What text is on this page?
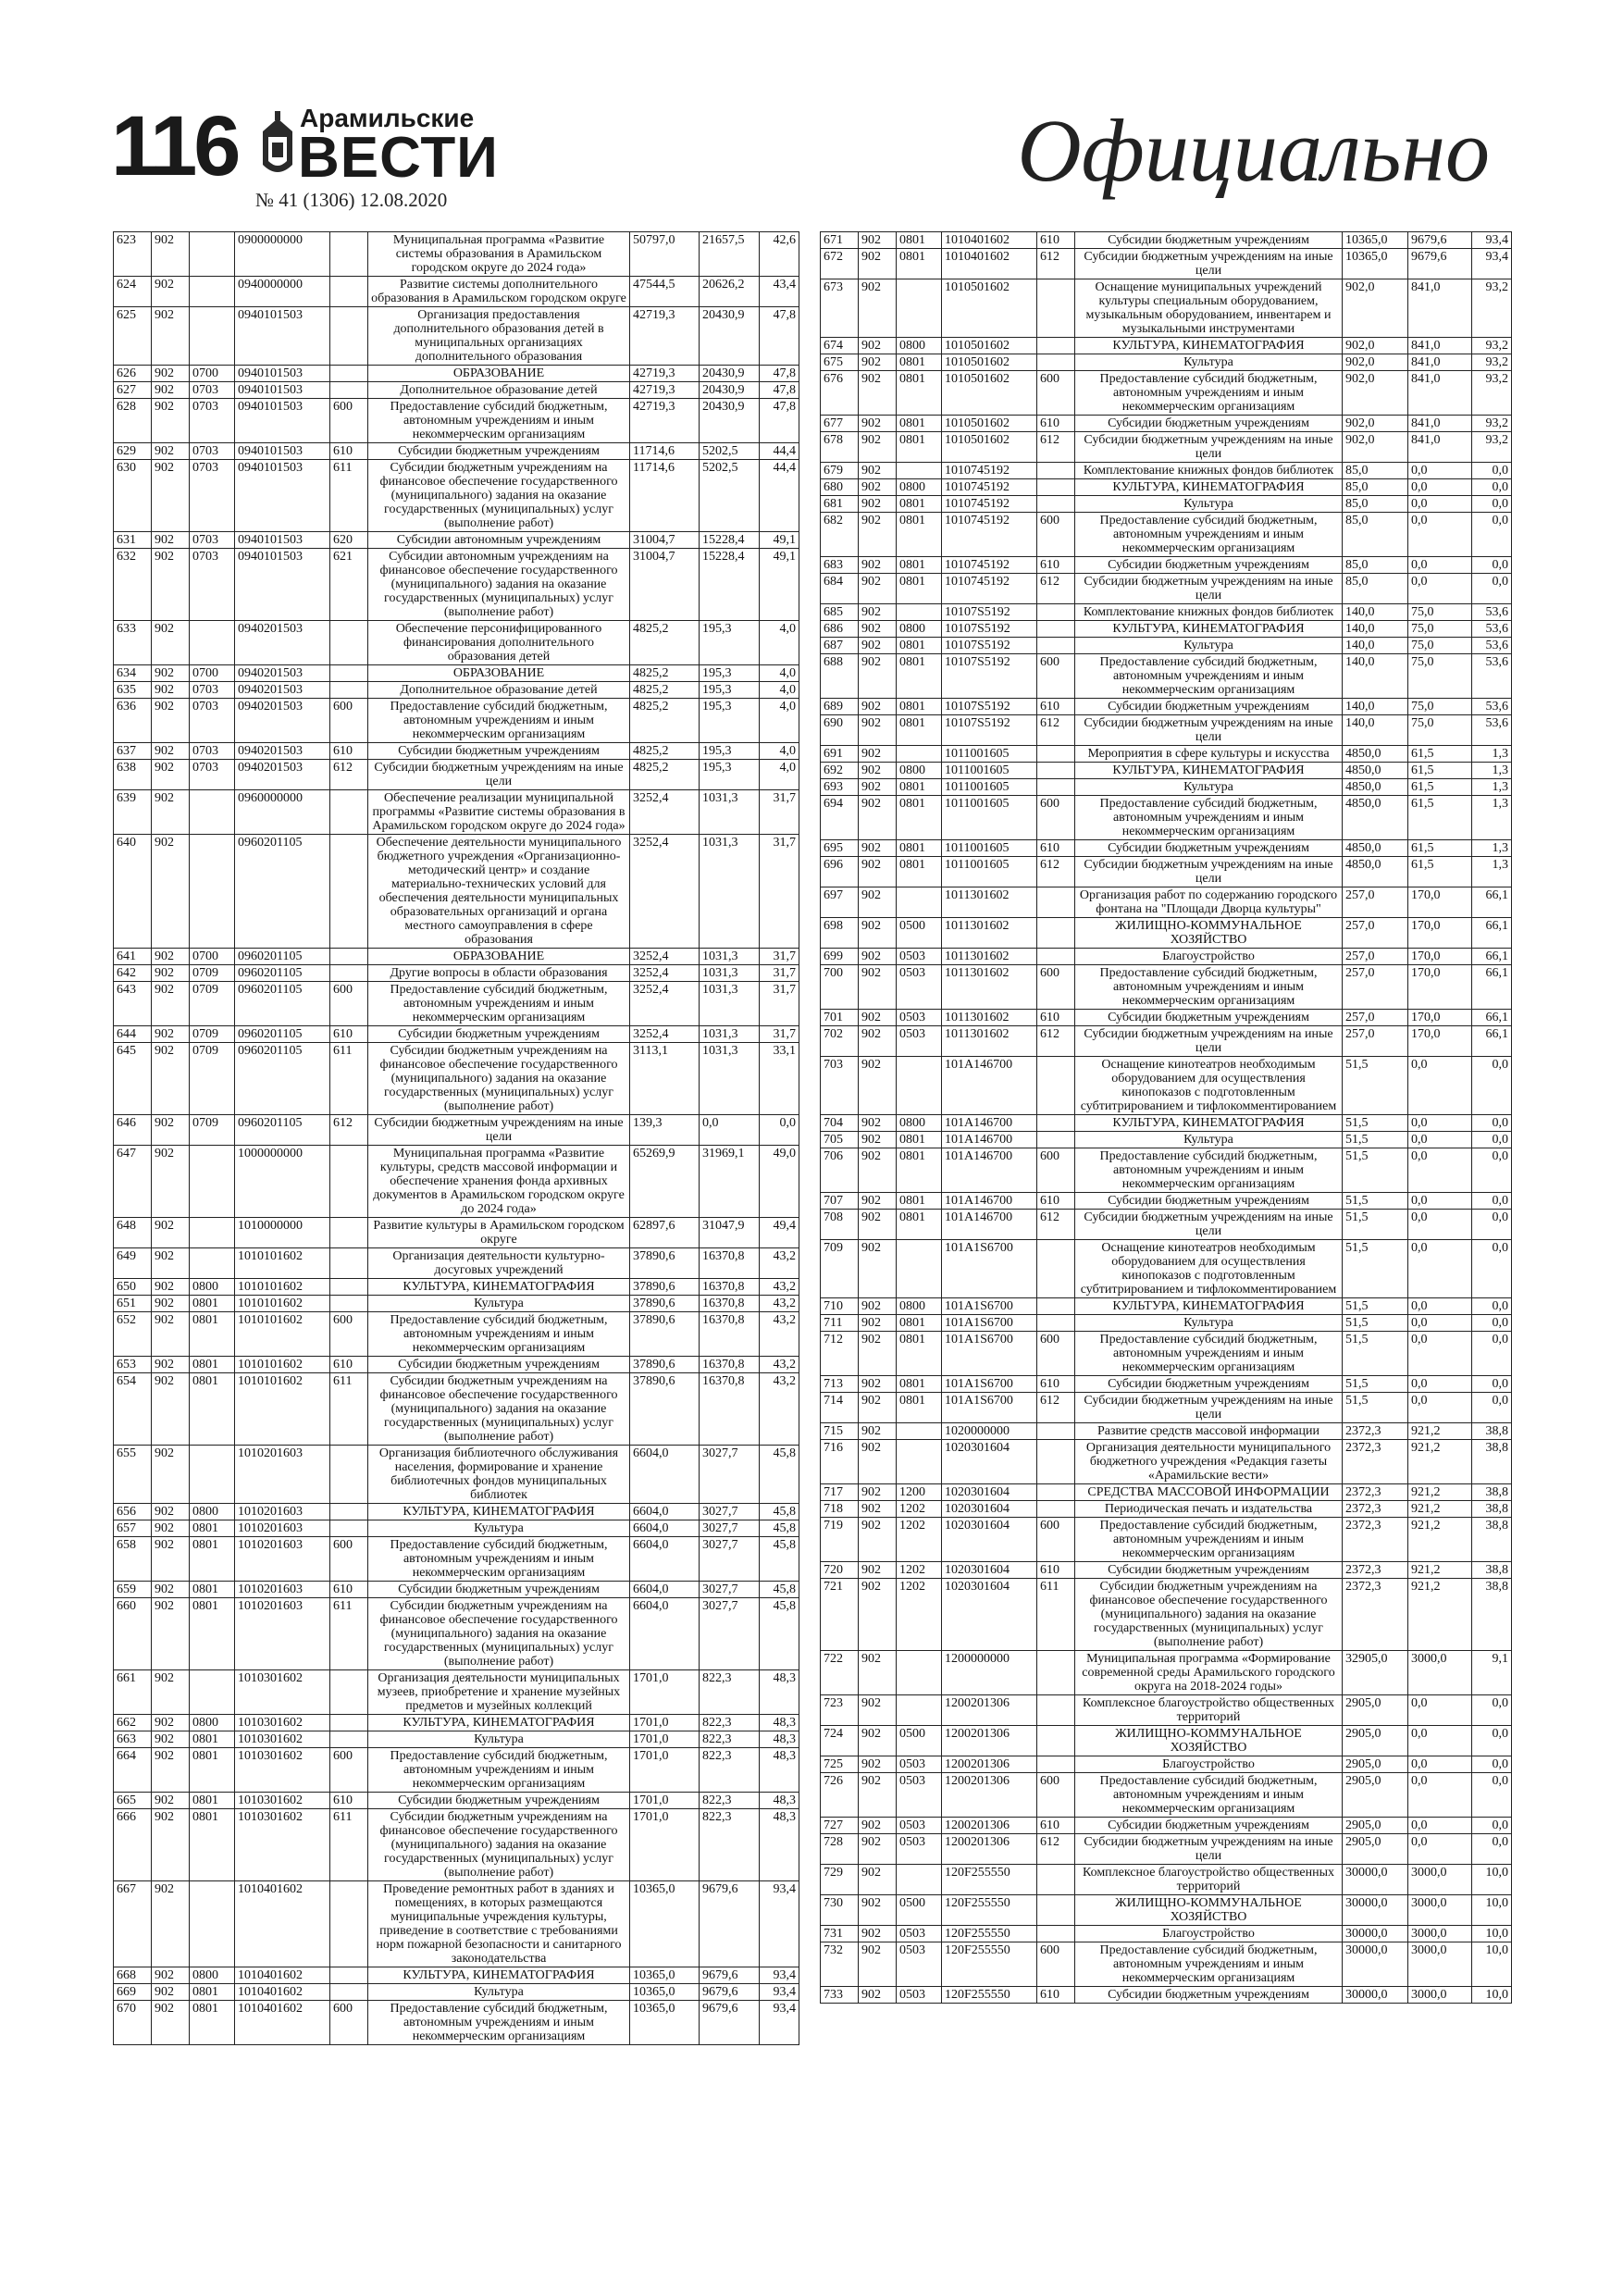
116 Арамильские
ВЕСТИ
№ 41 (1306) 12.08.2020	Официально
623	902		0900000000		Муниципальная программа «Развитие системы образования в Арамильском городском округе до 2024 года»	50797,0	21657,5	42,6
624	902		0940000000		Развитие системы дополнительного образования в Арамильском городском округе	47544,5	20626,2	43,4
625	902		0940101503		Организация предоставления дополнительного образования детей в муниципальных организациях дополнительного образования	42719,3	20430,9	47,8
626	902	0700	0940101503		ОБРАЗОВАНИЕ	42719,3	20430,9	47,8
627	902	0703	0940101503		Дополнительное образование детей	42719,3	20430,9	47,8
628	902	0703	0940101503	600	Предоставление субсидий бюджетным, автономным учреждениям и иным некоммерческим организациям	42719,3	20430,9	47,8
629	902	0703	0940101503	610	Субсидии бюджетным учреждениям	11714,6	5202,5	44,4
630	902	0703	0940101503	611	Субсидии бюджетным учреждениям на финансовое обеспечение государственного (муниципального) задания на оказание государственных (муниципальных) услуг (выполнение работ)	11714,6	5202,5	44,4
631	902	0703	0940101503	620	Субсидии автономным учреждениям	31004,7	15228,4	49,1
632	902	0703	0940101503	621	Субсидии автономным учреждениям на финансовое обеспечение государственного (муниципального) задания на оказание государственных (муниципальных) услуг (выполнение работ)	31004,7	15228,4	49,1
633	902		0940201503		Обеспечение персонифицированного финансирования дополнительного образования детей	4825,2	195,3	4,0
634	902	0700	0940201503		ОБРАЗОВАНИЕ	4825,2	195,3	4,0
635	902	0703	0940201503		Дополнительное образование детей	4825,2	195,3	4,0
636	902	0703	0940201503	600	Предоставление субсидий бюджетным, автономным учреждениям и иным некоммерческим организациям	4825,2	195,3	4,0
637	902	0703	0940201503	610	Субсидии бюджетным учреждениям	4825,2	195,3	4,0
638	902	0703	0940201503	612	Субсидии бюджетным учреждениям на иные цели	4825,2	195,3	4,0
639	902		0960000000		Обеспечение реализации муниципальной программы «Развитие системы образования в Арамильском городском округе до 2024 года»	3252,4	1031,3	31,7
640	902		0960201105		Обеспечение деятельности муниципального бюджетного учреждения «Организационно-методический центр» и создание материально-технических условий для обеспечения деятельности муниципальных образовательных организаций и органа местного самоуправления в сфере образования	3252,4	1031,3	31,7
641	902	0700	0960201105		ОБРАЗОВАНИЕ	3252,4	1031,3	31,7
642	902	0709	0960201105		Другие вопросы в области образования	3252,4	1031,3	31,7
643	902	0709	0960201105	600	Предоставление субсидий бюджетным, автономным учреждениям и иным некоммерческим организациям	3252,4	1031,3	31,7
644	902	0709	0960201105	610	Субсидии бюджетным учреждениям	3252,4	1031,3	31,7
645	902	0709	0960201105	611	Субсидии бюджетным учреждениям на финансовое обеспечение государственного (муниципального) задания на оказание государственных (муниципальных) услуг (выполнение работ)	3113,1	1031,3	33,1
646	902	0709	0960201105	612	Субсидии бюджетным учреждениям на иные цели	139,3	0,0	0,0
647	902		1000000000		Муниципальная программа «Развитие культуры, средств массовой информации и обеспечение хранения фонда архивных документов в Арамильском городском округе до 2024 года»	65269,9	31969,1	49,0
648	902		1010000000		Развитие культуры в Арамильском городском округе	62897,6	31047,9	49,4
649	902		1010101602		Организация деятельности культурно-досуговых учреждений	37890,6	16370,8	43,2
650	902	0800	1010101602		КУЛЬТУРА, КИНЕМАТОГРАФИЯ	37890,6	16370,8	43,2
651	902	0801	1010101602		Культура	37890,6	16370,8	43,2
652	902	0801	1010101602	600	Предоставление субсидий бюджетным, автономным учреждениям и иным некоммерческим организациям	37890,6	16370,8	43,2
653	902	0801	1010101602	610	Субсидии бюджетным учреждениям	37890,6	16370,8	43,2
654	902	0801	1010101602	611	Субсидии бюджетным учреждениям на финансовое обеспечение государственного (муниципального) задания на оказание государственных (муниципальных) услуг (выполнение работ)	37890,6	16370,8	43,2
655	902		1010201603		Организация библиотечного обслуживания населения, формирование и хранение библиотечных фондов муниципальных библиотек	6604,0	3027,7	45,8
656	902	0800	1010201603		КУЛЬТУРА, КИНЕМАТОГРАФИЯ	6604,0	3027,7	45,8
657	902	0801	1010201603		Культура	6604,0	3027,7	45,8
658	902	0801	1010201603	600	Предоставление субсидий бюджетным, автономным учреждениям и иным некоммерческим организациям	6604,0	3027,7	45,8
659	902	0801	1010201603	610	Субсидии бюджетным учреждениям	6604,0	3027,7	45,8
660	902	0801	1010201603	611	Субсидии бюджетным учреждениям на финансовое обеспечение государственного (муниципального) задания на оказание государственных (муниципальных) услуг (выполнение работ)	6604,0	3027,7	45,8
661	902		1010301602		Организация деятельности муниципальных музеев, приобретение и хранение музейных предметов и музейных коллекций	1701,0	822,3	48,3
662	902	0800	1010301602		КУЛЬТУРА, КИНЕМАТОГРАФИЯ	1701,0	822,3	48,3
663	902	0801	1010301602		Культура	1701,0	822,3	48,3
664	902	0801	1010301602	600	Предоставление субсидий бюджетным, автономным учреждениям и иным некоммерческим организациям	1701,0	822,3	48,3
665	902	0801	1010301602	610	Субсидии бюджетным учреждениям	1701,0	822,3	48,3
666	902	0801	1010301602	611	Субсидии бюджетным учреждениям на финансовое обеспечение государственного (муниципального) задания на оказание государственных (муниципальных) услуг (выполнение работ)	1701,0	822,3	48,3
667	902		1010401602		Проведение ремонтных работ в зданиях и помещениях, в которых размещаются муниципальные учреждения культуры, приведение в соответствие с требованиями норм пожарной безопасности и санитарного законодательства	10365,0	9679,6	93,4
668	902	0800	1010401602		КУЛЬТУРА, КИНЕМАТОГРАФИЯ	10365,0	9679,6	93,4
669	902	0801	1010401602		Культура	10365,0	9679,6	93,4
670	902	0801	1010401602	600	Предоставление субсидий бюджетным, автономным учреждениям и иным некоммерческим организациям	10365,0	9679,6	93,4
671	902	0801	1010401602	610	Субсидии бюджетным учреждениям	10365,0	9679,6	93,4
672	902	0801	1010401602	612	Субсидии бюджетным учреждениям на иные цели	10365,0	9679,6	93,4
673	902		1010501602		Оснащение муниципальных учреждений культуры специальным оборудованием, музыкальным оборудованием, инвентарем и музыкальными инструментами	902,0	841,0	93,2
674	902	0800	1010501602		КУЛЬТУРА, КИНЕМАТОГРАФИЯ	902,0	841,0	93,2
675	902	0801	1010501602		Культура	902,0	841,0	93,2
676	902	0801	1010501602	600	Предоставление субсидий бюджетным, автономным учреждениям и иным некоммерческим организациям	902,0	841,0	93,2
677	902	0801	1010501602	610	Субсидии бюджетным учреждениям	902,0	841,0	93,2
678	902	0801	1010501602	612	Субсидии бюджетным учреждениям на иные цели	902,0	841,0	93,2
679	902		1010745192		Комплектование книжных фондов библиотек	85,0	0,0	0,0
680	902	0800	1010745192		КУЛЬТУРА, КИНЕМАТОГРАФИЯ	85,0	0,0	0,0
681	902	0801	1010745192		Культура	85,0	0,0	0,0
682	902	0801	1010745192	600	Предоставление субсидий бюджетным, автономным учреждениям и иным некоммерческим организациям	85,0	0,0	0,0
683	902	0801	1010745192	610	Субсидии бюджетным учреждениям	85,0	0,0	0,0
684	902	0801	1010745192	612	Субсидии бюджетным учреждениям на иные цели	85,0	0,0	0,0
685	902		10107S5192		Комплектование книжных фондов библиотек	140,0	75,0	53,6
686	902	0800	10107S5192		КУЛЬТУРА, КИНЕМАТОГРАФИЯ	140,0	75,0	53,6
687	902	0801	10107S5192		Культура	140,0	75,0	53,6
688	902	0801	10107S5192	600	Предоставление субсидий бюджетным, автономным учреждениям и иным некоммерческим организациям	140,0	75,0	53,6
689	902	0801	10107S5192	610	Субсидии бюджетным учреждениям	140,0	75,0	53,6
690	902	0801	10107S5192	612	Субсидии бюджетным учреждениям на иные цели	140,0	75,0	53,6
691	902		1011001605		Мероприятия в сфере культуры и искусства	4850,0	61,5	1,3
692	902	0800	1011001605		КУЛЬТУРА, КИНЕМАТОГРАФИЯ	4850,0	61,5	1,3
693	902	0801	1011001605		Культура	4850,0	61,5	1,3
694	902	0801	1011001605	600	Предоставление субсидий бюджетным, автономным учреждениям и иным некоммерческим организациям	4850,0	61,5	1,3
695	902	0801	1011001605	610	Субсидии бюджетным учреждениям	4850,0	61,5	1,3
696	902	0801	1011001605	612	Субсидии бюджетным учреждениям на иные цели	4850,0	61,5	1,3
697	902		1011301602		Организация работ по содержанию городского фонтана на "Площади Дворца культуры"	257,0	170,0	66,1
698	902	0500	1011301602		ЖИЛИЩНО-КОММУНАЛЬНОЕ ХОЗЯЙСТВО	257,0	170,0	66,1
699	902	0503	1011301602		Благоустройство	257,0	170,0	66,1
700	902	0503	1011301602	600	Предоставление субсидий бюджетным, автономным учреждениям и иным некоммерческим организациям	257,0	170,0	66,1
701	902	0503	1011301602	610	Субсидии бюджетным учреждениям	257,0	170,0	66,1
702	902	0503	1011301602	612	Субсидии бюджетным учреждениям на иные цели	257,0	170,0	66,1
703	902		101A146700		Оснащение кинотеатров необходимым оборудованием для осуществления кинопоказов с подготовленным субтитрированием и тифлокомментированием	51,5	0,0	0,0
704	902	0800	101A146700		КУЛЬТУРА, КИНЕМАТОГРАФИЯ	51,5	0,0	0,0
705	902	0801	101A146700		Культура	51,5	0,0	0,0
706	902	0801	101A146700	600	Предоставление субсидий бюджетным, автономным учреждениям и иным некоммерческим организациям	51,5	0,0	0,0
707	902	0801	101A146700	610	Субсидии бюджетным учреждениям	51,5	0,0	0,0
708	902	0801	101A146700	612	Субсидии бюджетным учреждениям на иные цели	51,5	0,0	0,0
709	902		101A1S6700		Оснащение кинотеатров необходимым оборудованием для осуществления кинопоказов с подготовленным субтитрированием и тифлокомментированием	51,5	0,0	0,0
710	902	0800	101A1S6700		КУЛЬТУРА, КИНЕМАТОГРАФИЯ	51,5	0,0	0,0
711	902	0801	101A1S6700		Культура	51,5	0,0	0,0
712	902	0801	101A1S6700	600	Предоставление субсидий бюджетным, автономным учреждениям и иным некоммерческим организациям	51,5	0,0	0,0
713	902	0801	101A1S6700	610	Субсидии бюджетным учреждениям	51,5	0,0	0,0
714	902	0801	101A1S6700	612	Субсидии бюджетным учреждениям на иные цели	51,5	0,0	0,0
715	902		1020000000		Развитие средств массовой информации	2372,3	921,2	38,8
716	902		1020301604		Организация деятельности муниципального бюджетного учреждения «Редакция газеты «Арамильские вести»	2372,3	921,2	38,8
717	902	1200	1020301604		СРЕДСТВА МАССОВОЙ ИНФОРМАЦИИ	2372,3	921,2	38,8
718	902	1202	1020301604		Периодическая печать и издательства	2372,3	921,2	38,8
719	902	1202	1020301604	600	Предоставление субсидий бюджетным, автономным учреждениям и иным некоммерческим организациям	2372,3	921,2	38,8
720	902	1202	1020301604	610	Субсидии бюджетным учреждениям	2372,3	921,2	38,8
721	902	1202	1020301604	611	Субсидии бюджетным учреждениям на финансовое обеспечение государственного (муниципального) задания на оказание государственных (муниципальных) услуг (выполнение работ)	2372,3	921,2	38,8
722	902		1200000000		Муниципальная программа «Формирование современной среды Арамильского городского округа на 2018-2024 годы»	32905,0	3000,0	9,1
723	902		1200201306		Комплексное благоустройство общественных территорий	2905,0	0,0	0,0
724	902	0500	1200201306		ЖИЛИЩНО-КОММУНАЛЬНОЕ ХОЗЯЙСТВО	2905,0	0,0	0,0
725	902	0503	1200201306		Благоустройство	2905,0	0,0	0,0
726	902	0503	1200201306	600	Предоставление субсидий бюджетным, автономным учреждениям и иным некоммерческим организациям	2905,0	0,0	0,0
727	902	0503	1200201306	610	Субсидии бюджетным учреждениям	2905,0	0,0	0,0
728	902	0503	1200201306	612	Субсидии бюджетным учреждениям на иные цели	2905,0	0,0	0,0
729	902		120F255550		Комплексное благоустройство общественных территорий	30000,0	3000,0	10,0
730	902	0500	120F255550		ЖИЛИЩНО-КОММУНАЛЬНОЕ ХОЗЯЙСТВО	30000,0	3000,0	10,0
731	902	0503	120F255550		Благоустройство	30000,0	3000,0	10,0
732	902	0503	120F255550	600	Предоставление субсидий бюджетным, автономным учреждениям и иным некоммерческим организациям	30000,0	3000,0	10,0
733	902	0503	120F255550	610	Субсидии бюджетным учреждениям	30000,0	3000,0	10,0
